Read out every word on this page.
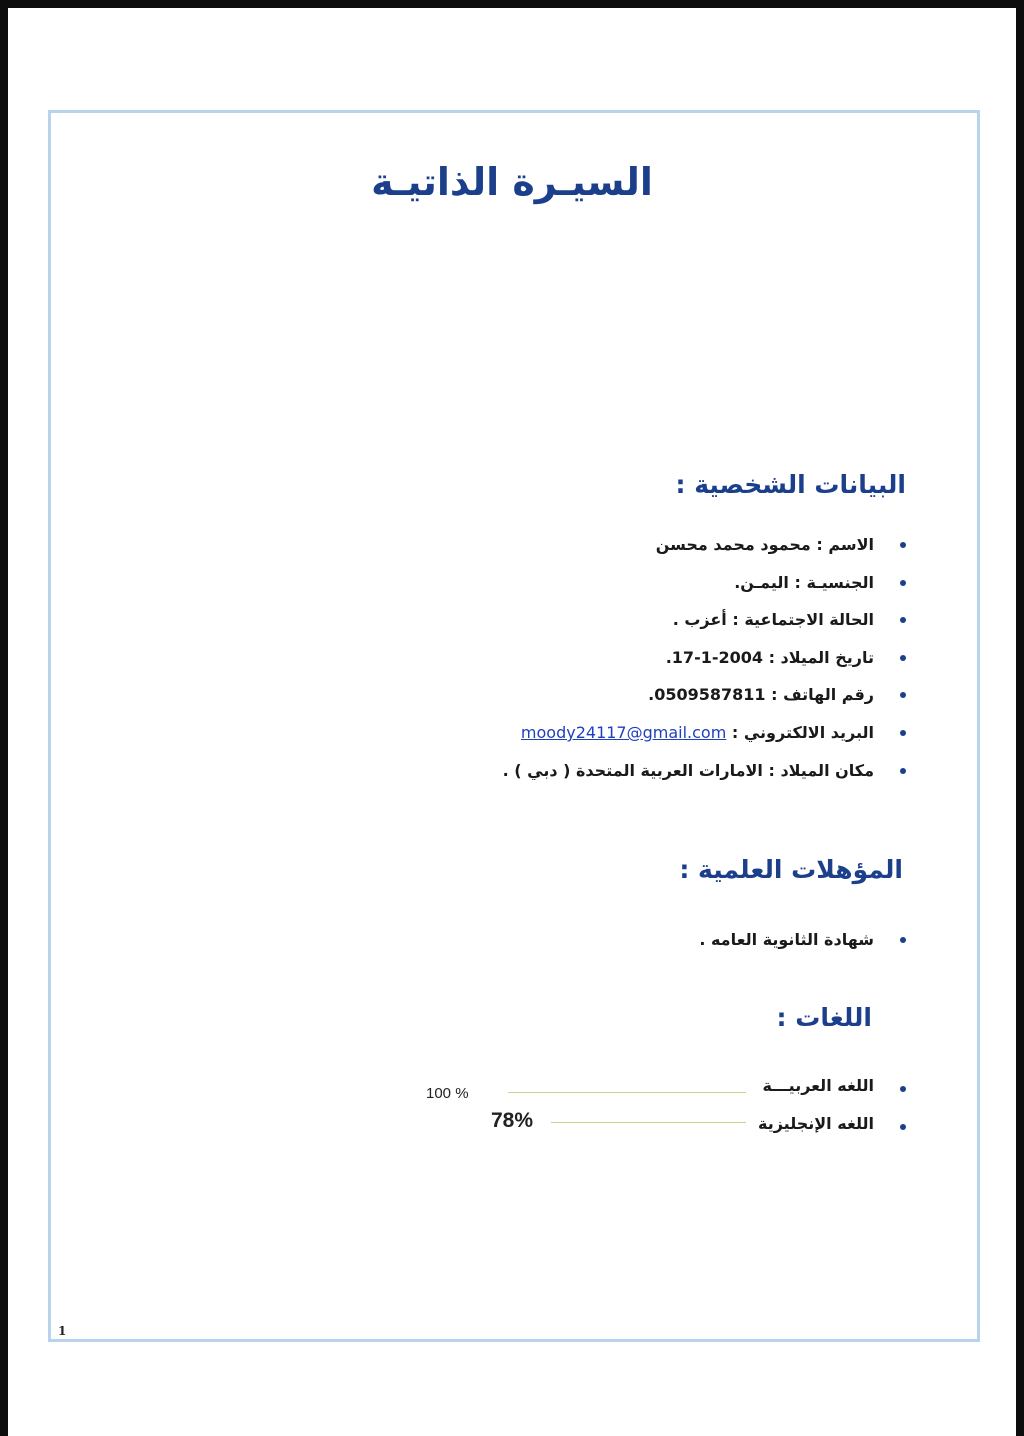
السيـرة الذاتيـة
البيانات الشخصية :
الاسم : محمود محمد محسن
الجنسيـة : اليمـن.
الحالة الاجتماعية : أعزب .
تاريخ الميلاد : 2004-1-17.
رقم الهاتف : 0509587811.
البريد الالكتروني : moody24117@gmail.com
مكان الميلاد : الامارات العربية المتحدة ( دبي ) .
المؤهلات العلمية :
شهادة الثانوية العامه .
اللغات :
اللغه العربيـــة
100 %
اللغه الإنجليزية
78%
1
